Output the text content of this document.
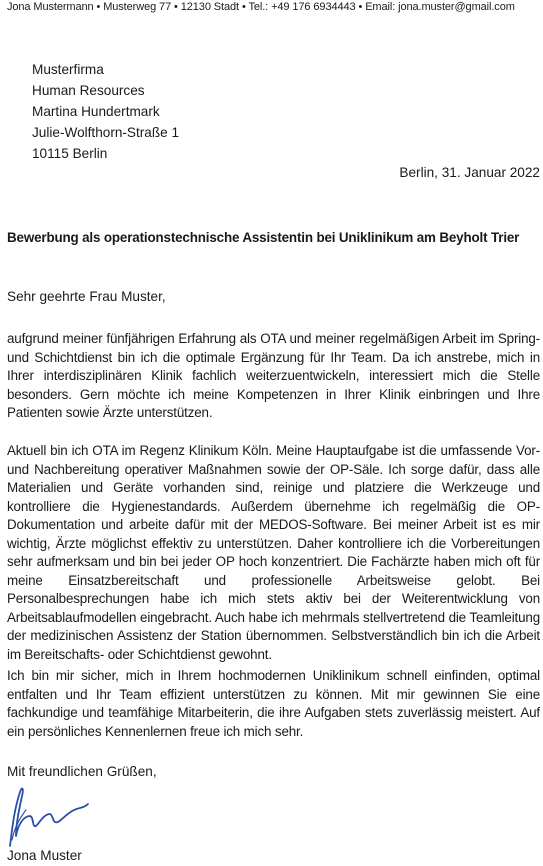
Jona Mustermann • Musterweg 77 • 12130 Stadt • Tel.: +49 176 6934443 • Email: jona.muster@gmail.com
Musterfirma
Human Resources
Martina Hundertmark
Julie-Wolfthorn-Straße 1
10115 Berlin
Berlin, 31. Januar 2022
Bewerbung als operationstechnische Assistentin bei Uniklinikum am Beyholt Trier
Sehr geehrte Frau Muster,

aufgrund meiner fünfjährigen Erfahrung als OTA und meiner regelmäßigen Arbeit im Spring- und Schichtdienst bin ich die optimale Ergänzung für Ihr Team. Da ich anstrebe, mich in Ihrer interdisziplinären Klinik fachlich weiterzuentwickeln, interessiert mich die Stelle besonders. Gern möchte ich meine Kompetenzen in Ihrer Klinik einbringen und Ihre Patienten sowie Ärzte unterstützen.

Aktuell bin ich OTA im Regenz Klinikum Köln. Meine Hauptaufgabe ist die umfassende Vor- und Nachbereitung operativer Maßnahmen sowie der OP-Säle. Ich sorge dafür, dass alle Materialien und Geräte vorhanden sind, reinige und platziere die Werkzeuge und kontrolliere die Hygienestandards. Außerdem übernehme ich regelmäßig die OP-Dokumentation und arbeite dafür mit der MEDOS-Software. Bei meiner Arbeit ist es mir wichtig, Ärzte möglichst effektiv zu unterstützen. Daher kontrolliere ich die Vorbereitungen sehr aufmerksam und bin bei jeder OP hoch konzentriert. Die Fachärzte haben mich oft für meine Einsatzbereitschaft und professionelle Arbeitsweise gelobt. Bei Personalbesprechungen habe ich mich stets aktiv bei der Weiterentwicklung von Arbeitsablaufmodellen eingebracht. Auch habe ich mehrmals stellvertretend die Teamleitung der medizinischen Assistenz der Station übernommen. Selbstverständlich bin ich die Arbeit im Bereitschafts- oder Schichtdienst gewohnt.

Ich bin mir sicher, mich in Ihrem hochmodernen Uniklinikum schnell einfinden, optimal entfalten und Ihr Team effizient unterstützen zu können. Mit mir gewinnen Sie eine fachkundige und teamfähige Mitarbeiterin, die ihre Aufgaben stets zuverlässig meistert. Auf ein persönliches Kennenlernen freue ich mich sehr.

Mit freundlichen Grüßen,
Jona Muster
